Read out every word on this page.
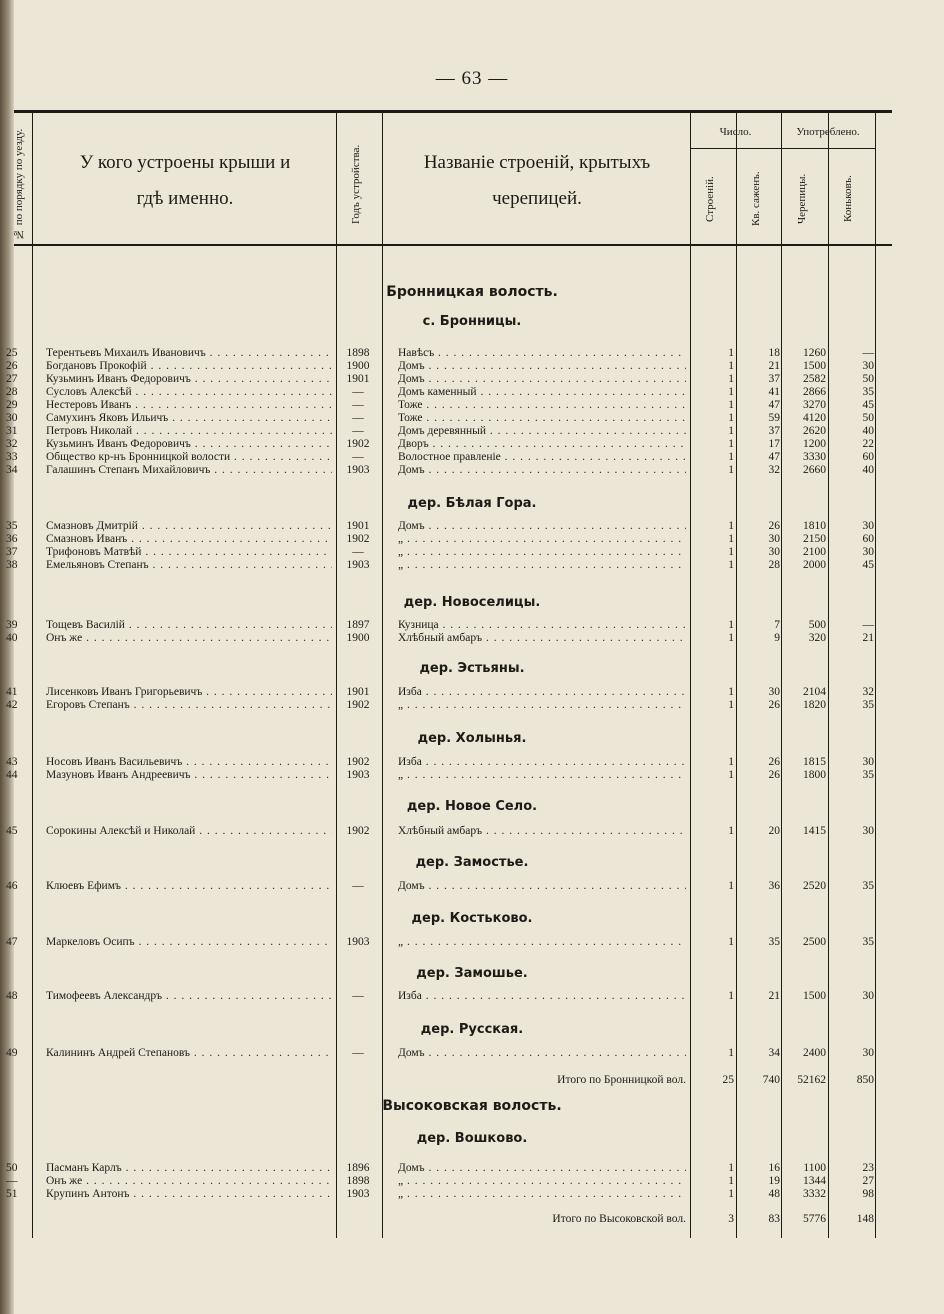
— 63 —
№ по порядку по уезду.	У кого устроены крыши и
гдѣ именно.	Годъ устройства.	Названіе строеній, крытыхъ
черепицей.
Число.	Употреблено.
Строеній.	Кв. саженъ.	Черепицы.	Коньковъ.
Бронницкая волость.
с. Бронницы.
25	Терентьевъ Михаилъ Ивановичъ . . .	1898	Навѣсъ . . .	1	18	1260	—
26	Богдановъ Прокофій . . .	1900	Домъ . . .	1	21	1500	30
27	Кузьминъ Иванъ Федоровичъ . . .	1901	Домъ . . .	1	37	2582	50
28	Сусловъ Алексѣй . . .	—	Домъ каменный . . .	1	41	2866	35
29	Нестеровъ Иванъ . . .	—	Тоже . . .	1	47	3270	45
30	Самухинъ Яковъ Ильичъ . . .	—	Тоже . . .	1	59	4120	50
31	Петровъ Николай . . .	—	Домъ деревянный . . .	1	37	2620	40
32	Кузьминъ Иванъ Федоровичъ . . .	1902	Дворъ . . .	1	17	1200	22
33	Общество кр-нъ Бронницкой волости . . .	—	Волостное правленіе . . .	1	47	3330	60
34	Галашинъ Степанъ Михайловичъ . . .	1903	Домъ . . .	1	32	2660	40
дер. Бѣлая Гора.
35	Смазновъ Дмитрій . . .	1901	Домъ . . .	1	26	1810	30
36	Смазновъ Иванъ . . .	1902	„ . . .	1	30	2150	60
37	Трифоновъ Матвѣй . . .	—	„ . . .	1	30	2100	30
38	Емельяновъ Степанъ . . .	1903	„ . . .	1	28	2000	45
дер. Новоселицы.
39	Тощевъ Василій . . .	1897	Кузница . . .	1	7	500	—
40	Онъ же . . .	1900	Хлѣбный амбаръ . . .	1	9	320	21
дер. Эстьяны.
41	Лисенковъ Иванъ Григорьевичъ . . .	1901	Изба . . .	1	30	2104	32
42	Егоровъ Степанъ . . .	1902	„ . . .	1	26	1820	35
дер. Холынья.
43	Носовъ Иванъ Васильевичъ . . .	1902	Изба . . .	1	26	1815	30
44	Мазуновъ Иванъ Андреевичъ . . .	1903	„ . . .	1	26	1800	35
дер. Новое Село.
45	Сорокины Алексѣй и Николай . . .	1902	Хлѣбный амбаръ . . .	1	20	1415	30
дер. Замостье.
46	Клюевъ Ефимъ . . .	—	Домъ . . .	1	36	2520	35
дер. Костьково.
47	Маркеловъ Осипъ . . .	1903	„ . . .	1	35	2500	35
дер. Замошье.
48	Тимофеевъ Александръ . . .	—	Изба . . .	1	21	1500	30
дер. Русская.
49	Калининъ Андрей Степановъ . . .	—	Домъ . . .	1	34	2400	30
Итого по Бронницкой вол.	25	740	52162	850
Высоковская волость.
дер. Вошково.
50	Пасманъ Карлъ . . .	1896	Домъ . . .	1	16	1100	23
—	Онъ же . . .	1898	„ . . .	1	19	1344	27
51	Крупинъ Антонъ . . .	1903	„ . . .	1	48	3332	98
Итого по Высоковской вол.	3	83	5776	148
